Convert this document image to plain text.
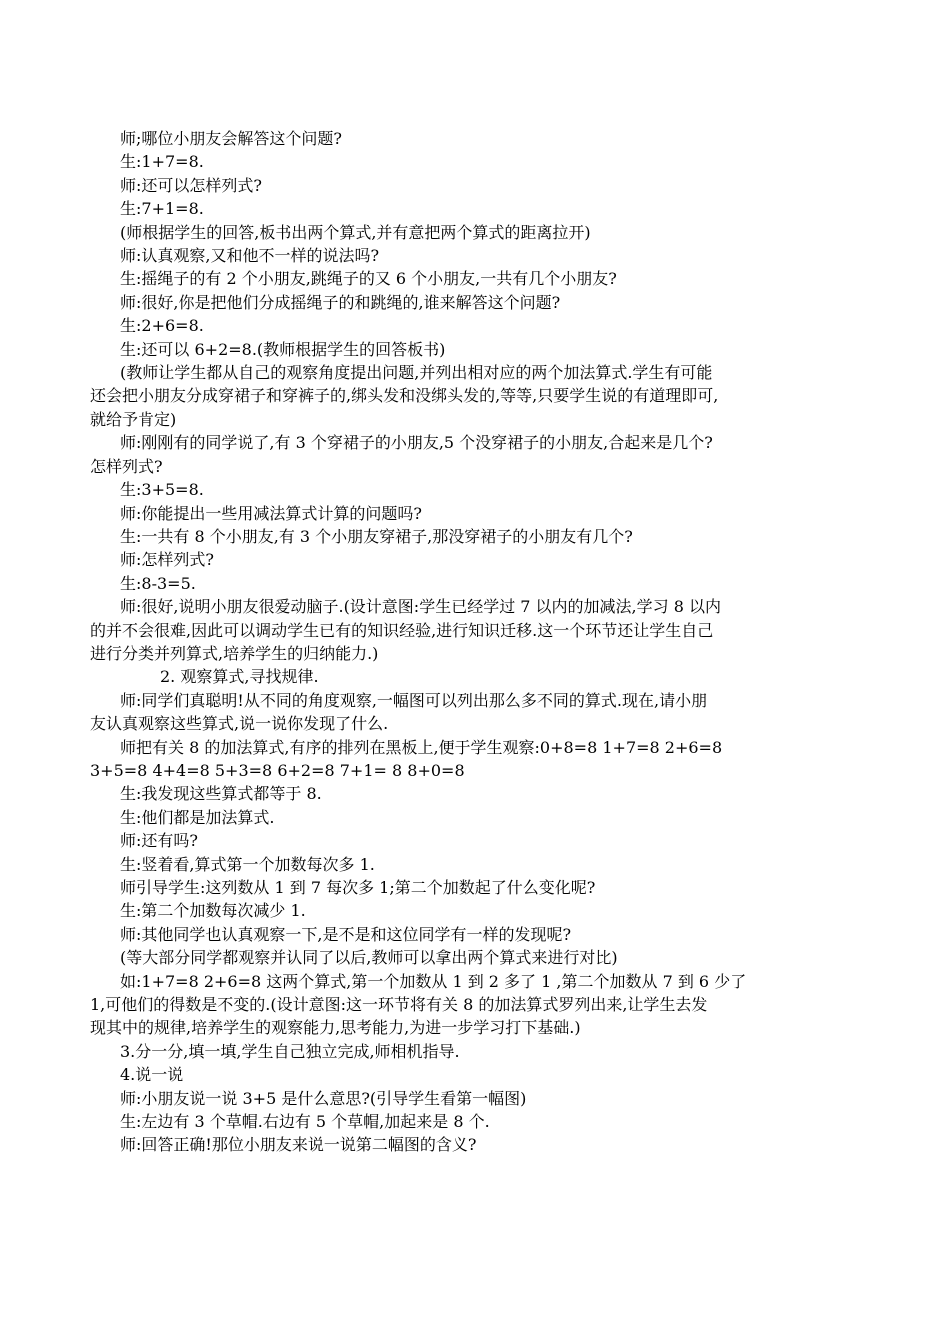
师;哪位小朋友会解答这个问题?

生:1+7=8.

师:还可以怎样列式?

生:7+1=8.

(师根据学生的回答,板书出两个算式,并有意把两个算式的距离拉开)

师:认真观察,又和他不一样的说法吗?

生:摇绳子的有 2 个小朋友,跳绳子的又 6 个小朋友,一共有几个小朋友?

师:很好,你是把他们分成摇绳子的和跳绳的,谁来解答这个问题?

生:2+6=8.

生:还可以 6+2=8.(教师根据学生的回答板书)

(教师让学生都从自己的观察角度提出问题,并列出相对应的两个加法算式.学生有可能

还会把小朋友分成穿裙子和穿裤子的,绑头发和没绑头发的,等等,只要学生说的有道理即可,

就给予肯定)

师:刚刚有的同学说了,有 3 个穿裙子的小朋友,5 个没穿裙子的小朋友,合起来是几个?

怎样列式?

生:3+5=8.

师:你能提出一些用减法算式计算的问题吗?

生:一共有 8 个小朋友,有 3 个小朋友穿裙子,那没穿裙子的小朋友有几个?

师:怎样列式?

生:8-3=5.

师:很好,说明小朋友很爱动脑子.(设计意图:学生已经学过 7 以内的加减法,学习 8 以内

的并不会很难,因此可以调动学生已有的知识经验,进行知识迁移.这一个环节还让学生自己

进行分类并列算式,培养学生的归纳能力.)

2. 观察算式,寻找规律.

师:同学们真聪明!从不同的角度观察,一幅图可以列出那么多不同的算式.现在,请小朋

友认真观察这些算式,说一说你发现了什么.

师把有关 8 的加法算式,有序的排列在黑板上,便于学生观察:0+8=8 1+7=8 2+6=8

3+5=8 4+4=8 5+3=8 6+2=8 7+1= 8 8+0=8

生:我发现这些算式都等于 8.

生:他们都是加法算式.

师:还有吗?

生:竖着看,算式第一个加数每次多 1.

师引导学生:这列数从 1 到 7 每次多 1;第二个加数起了什么变化呢?

生:第二个加数每次减少 1.

师:其他同学也认真观察一下,是不是和这位同学有一样的发现呢?

(等大部分同学都观察并认同了以后,教师可以拿出两个算式来进行对比)

如:1+7=8 2+6=8 这两个算式,第一个加数从 1 到 2 多了 1 ,第二个加数从 7 到 6 少了

1,可他们的得数是不变的.(设计意图:这一环节将有关 8 的加法算式罗列出来,让学生去发

现其中的规律,培养学生的观察能力,思考能力,为进一步学习打下基础.)

3.分一分,填一填,学生自己独立完成,师相机指导.

4.说一说

师:小朋友说一说 3+5 是什么意思?(引导学生看第一幅图)

生:左边有 3 个草帽.右边有 5 个草帽,加起来是 8 个.

师:回答正确!那位小朋友来说一说第二幅图的含义?
